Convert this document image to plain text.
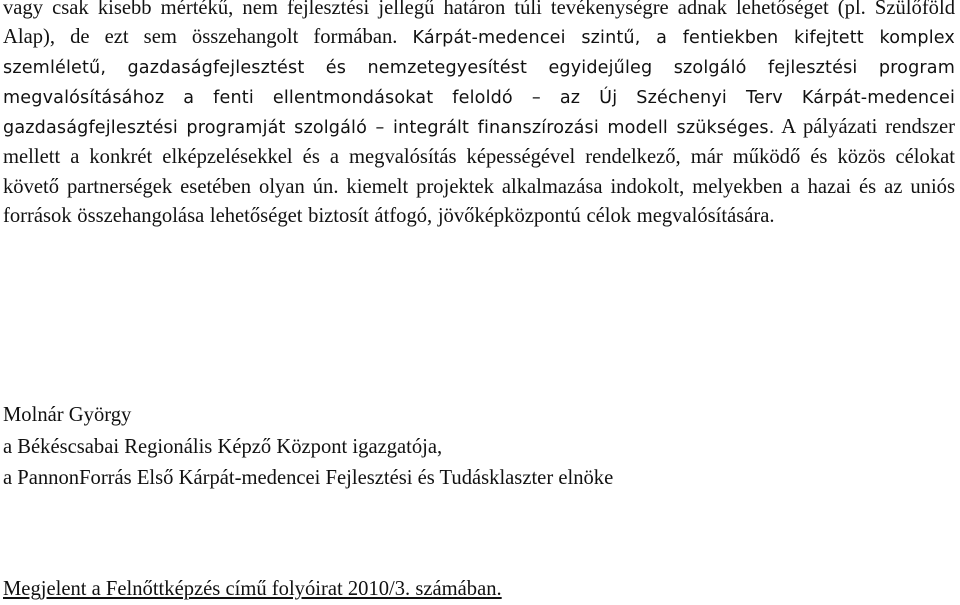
vagy csak kisebb mértékű, nem fejlesztési jellegű határon túli tevékenységre adnak lehetőséget (pl. Szülőföld Alap), de ezt sem összehangolt formában. Kárpát-medencei szintű, a fentiekben kifejtett komplex szemléletű, gazdaságfejlesztést és nemzetegyesítést egyidejűleg szolgáló fejlesztési program megvalósításához a fenti ellentmondásokat feloldó – az Új Széchenyi Terv Kárpát-medencei gazdaságfejlesztési programját szolgáló – integrált finanszírozási modell szükséges. A pályázati rendszer mellett a konkrét elképzelésekkel és a megvalósítás képességével rendelkező, már működő és közös célokat követő partnerségek esetében olyan ún. kiemelt projektek alkalmazása indokolt, melyekben a hazai és az uniós források összehangolása lehetőséget biztosít átfogó, jövőképközpontú célok megvalósítására.

Molnár György
a Békéscsabai Regionális Képző Központ igazgatója,
a PannonForrás Első Kárpát-medencei Fejlesztési és Tudásklaszter elnöke
Megjelent a Felnőttképzés című folyóirat 2010/3. számában.
